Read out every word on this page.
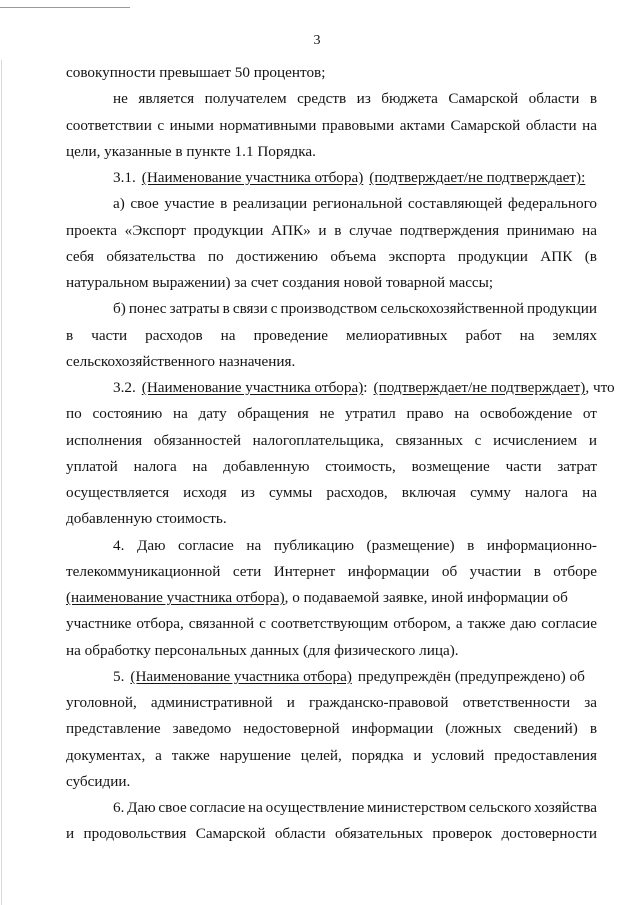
3
совокупности превышает 50 процентов;
не является получателем средств из бюджета Самарской области в
соответствии с иными нормативными правовыми актами Самарской области на
цели, указанные в пункте 1.1 Порядка.
3.1. (Наименование участника отбора) (подтверждает/не подтверждает):
а) свое участие в реализации региональной составляющей федерального
проекта «Экспорт продукции АПК» и в случае подтверждения принимаю на
себя обязательства по достижению объема экспорта продукции АПК (в
натуральном выражении) за счет создания новой товарной массы;
б) понес затраты в связи с производством сельскохозяйственной продукции
в части расходов на проведение мелиоративных работ на землях
сельскохозяйственного назначения.
3.2. (Наименование участника отбора): (подтверждает/не подтверждает), что
по состоянию на дату обращения не утратил право на освобождение от
исполнения обязанностей налогоплательщика, связанных с исчислением и
уплатой налога на добавленную стоимость, возмещение части затрат
осуществляется исходя из суммы расходов, включая сумму налога на
добавленную стоимость.
4. Даю согласие на публикацию (размещение) в информационно-
телекоммуникационной сети Интернет информации об участии в отборе
(наименование участника отбора), о подаваемой заявке, иной информации об
участнике отбора, связанной с соответствующим отбором, а также даю согласие
на обработку персональных данных (для физического лица).
5. (Наименование участника отбора) предупреждён (предупреждено) об
уголовной, административной и гражданско-правовой ответственности за
представление заведомо недостоверной информации (ложных сведений) в
документах, а также нарушение целей, порядка и условий предоставления
субсидии.
6. Даю свое согласие на осуществление министерством сельского хозяйства
и продовольствия Самарской области обязательных проверок достоверности
